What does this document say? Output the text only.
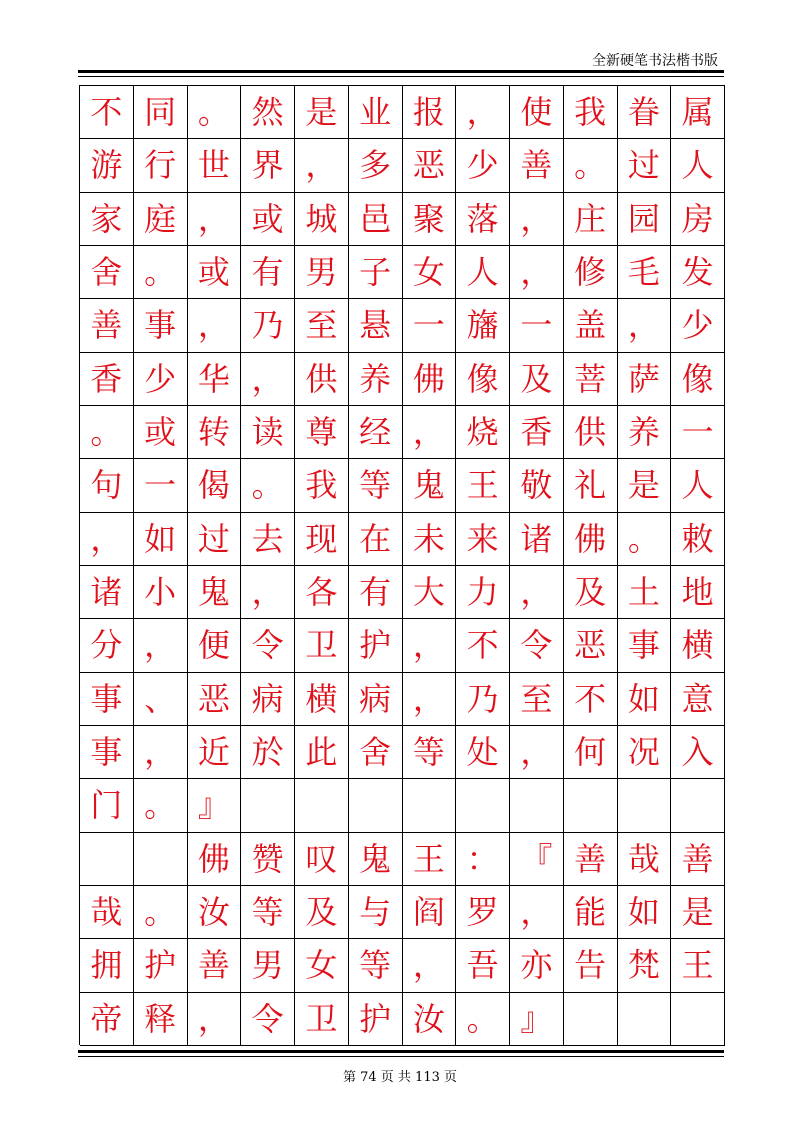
全新硬笔书法楷书版
不 同 。 然 是 业 报 ， 使 我 眷 属
游 行 世 界 ， 多 恶 少 善 。 过 人
家 庭 ， 或 城 邑 聚 落 ， 庄 园 房
舍 。 或 有 男 子 女 人 ， 修 毛 发
善 事 ， 乃 至 悬 一 旛 一 盖 ， 少
香 少 华 ， 供 养 佛 像 及 菩 萨 像
。 或 转 读 尊 经 ， 烧 香 供 养 一
句 一 偈 。 我 等 鬼 王 敬 礼 是 人
， 如 过 去 现 在 未 来 诸 佛 。 敕
诸 小 鬼 ， 各 有 大 力 ， 及 土 地
分 ， 便 令 卫 护 ， 不 令 恶 事 横
事 、 恶 病 横 病 ， 乃 至 不 如 意
事 ， 近 於 此 舍 等 处 ， 何 况 入
门 。 』
佛 赞 叹 鬼 王 ： 『 善 哉 善
哉 。 汝 等 及 与 阎 罗 ， 能 如 是
拥 护 善 男 女 等 ， 吾 亦 告 梵 王
帝 释 ， 令 卫 护 汝 。 』
第 74 页 共 113 页
